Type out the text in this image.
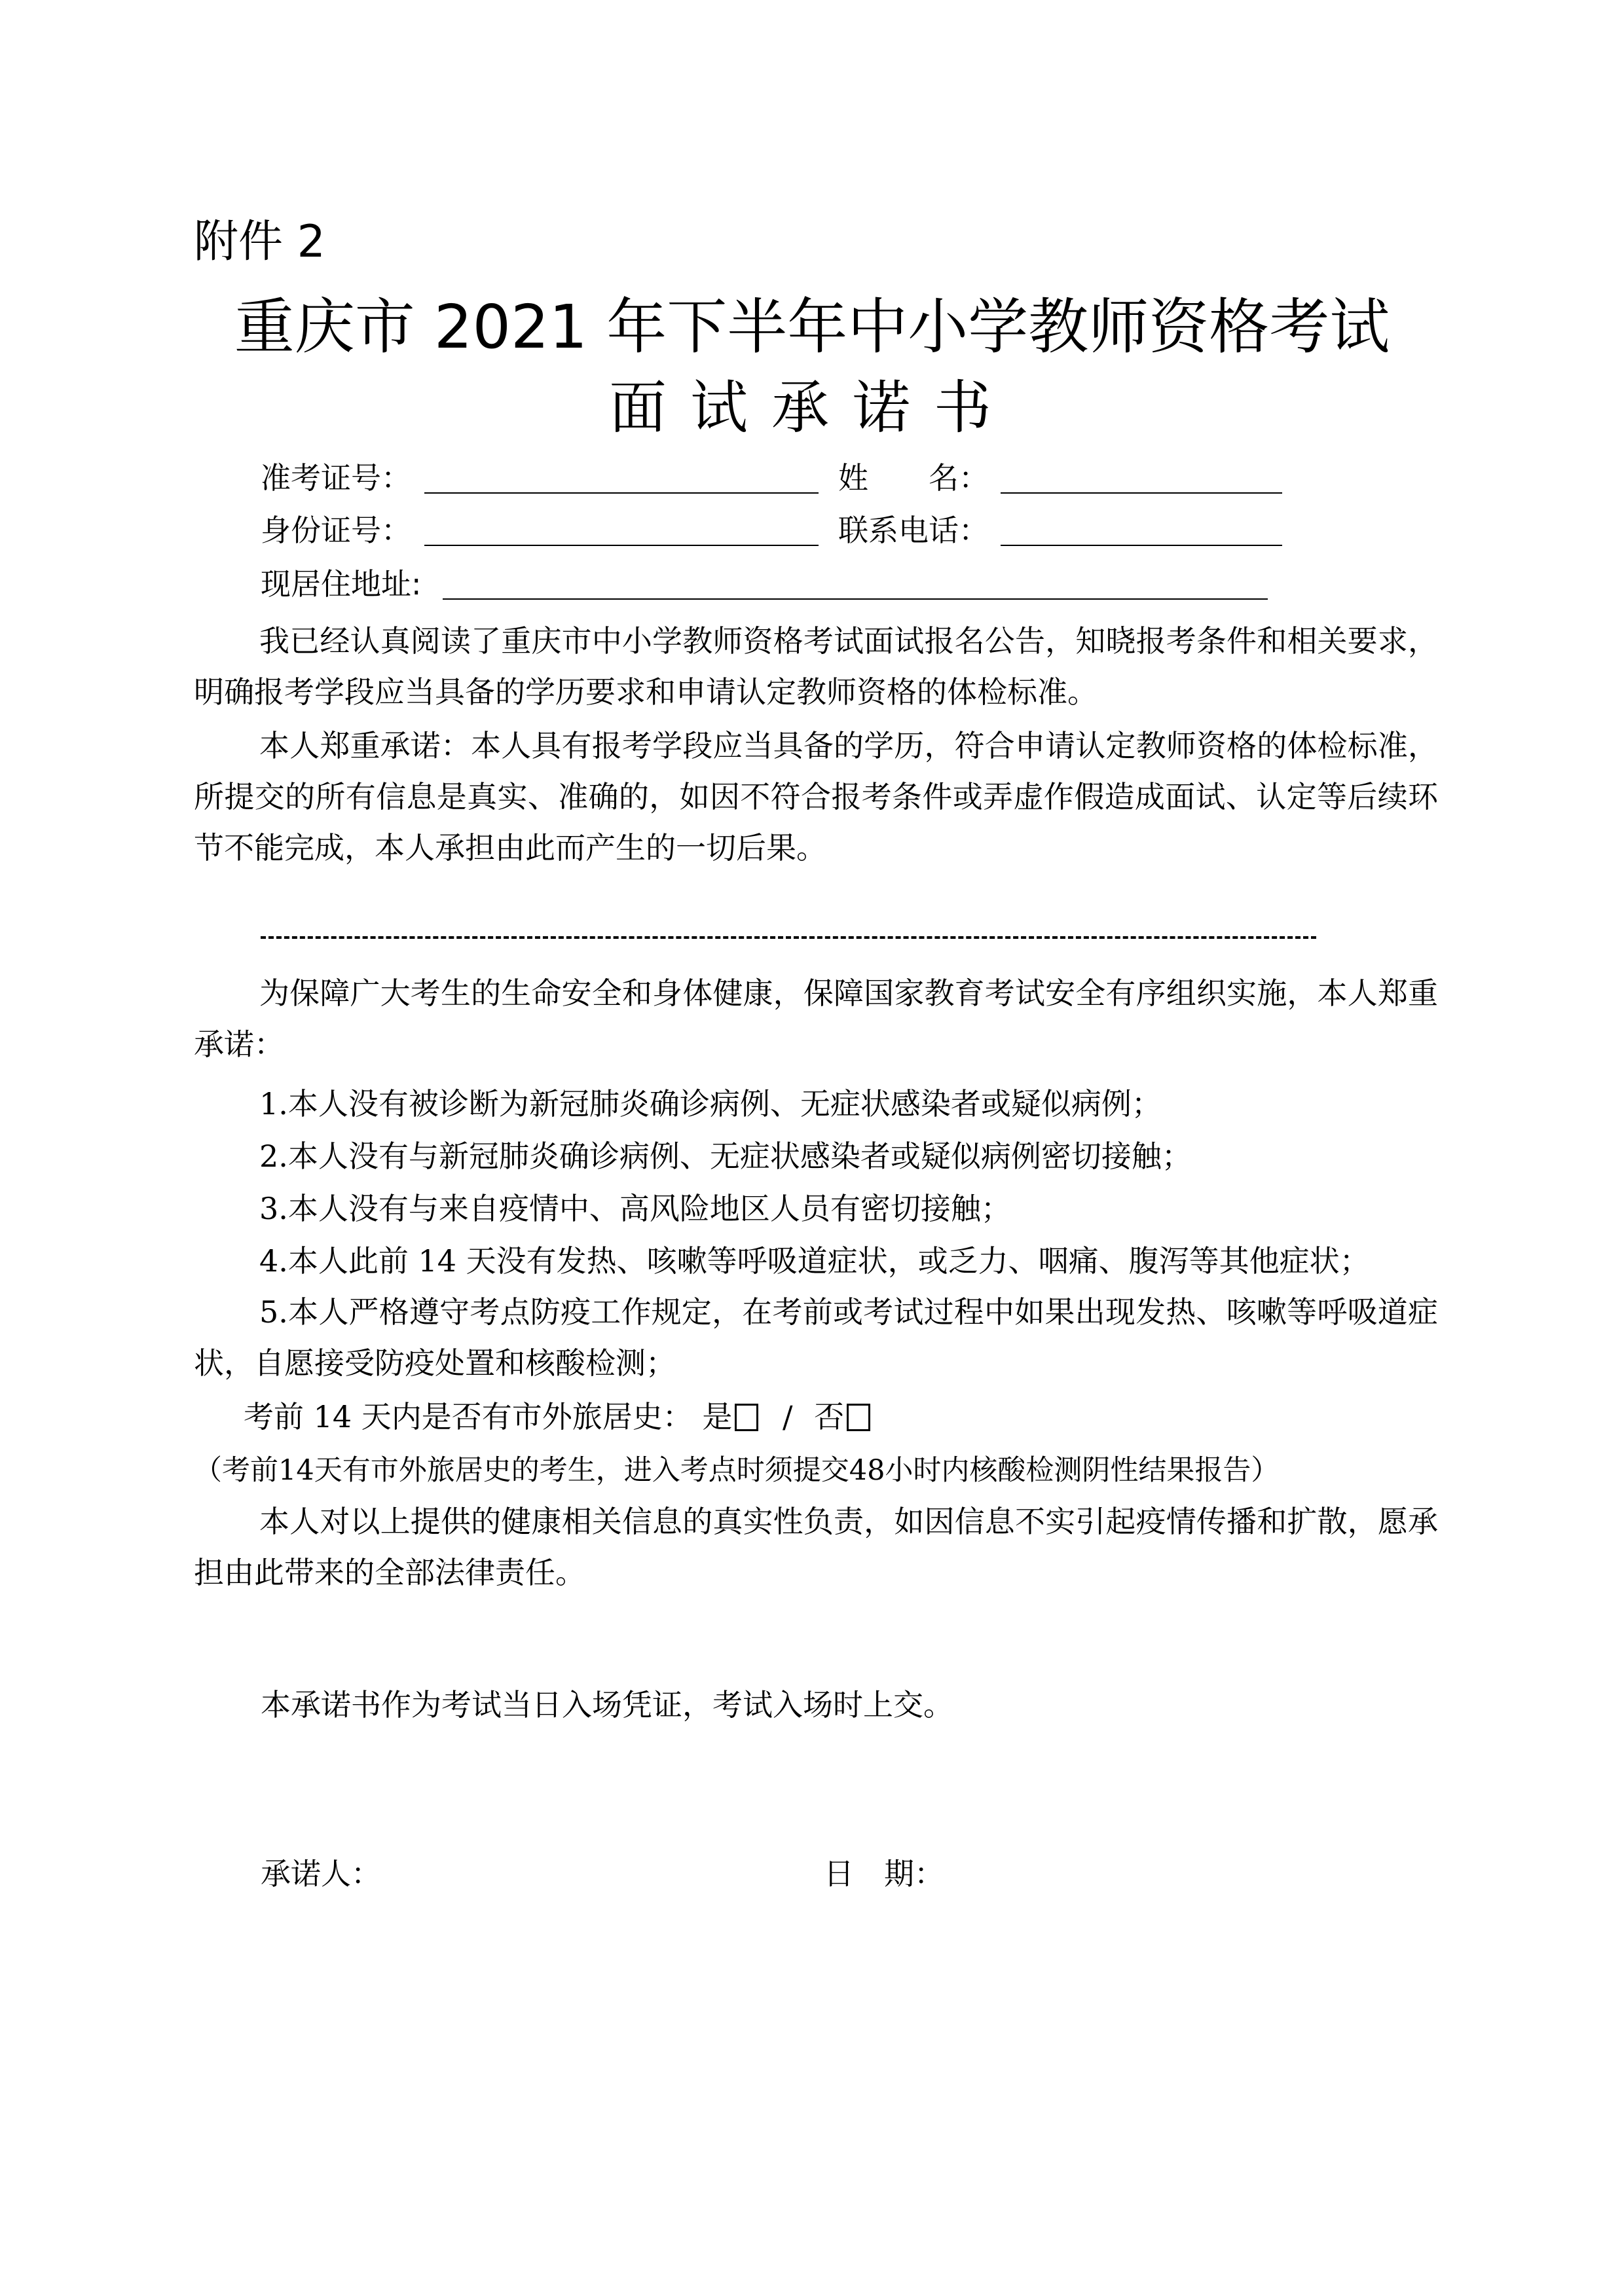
附件 2
重庆市 2021 年下半年中小学教师资格考试
面试承诺书
准考证号：	姓　　名：
身份证号：	联系电话：
现居住地址:
我已经认真阅读了重庆市中小学教师资格考试面试报名公告，知晓报考条件和相关要求，明确报考学段应当具备的学历要求和申请认定教师资格的体检标准。
本人郑重承诺：本人具有报考学段应当具备的学历，符合申请认定教师资格的体检标准，所提交的所有信息是真实、准确的，如因不符合报考条件或弄虚作假造成面试、认定等后续环节不能完成，本人承担由此而产生的一切后果。
为保障广大考生的生命安全和身体健康，保障国家教育考试安全有序组织实施，本人郑重承诺：
1.本人没有被诊断为新冠肺炎确诊病例、无症状感染者或疑似病例；
2.本人没有与新冠肺炎确诊病例、无症状感染者或疑似病例密切接触；
3.本人没有与来自疫情中、高风险地区人员有密切接触；
4.本人此前 14 天没有发热、咳嗽等呼吸道症状，或乏力、咽痛、腹泻等其他症状；
5.本人严格遵守考点防疫工作规定，在考前或考试过程中如果出现发热、咳嗽等呼吸道症状，自愿接受防疫处置和核酸检测；
考前 14 天内是否有市外旅居史： 是 / 否
（考前14天有市外旅居史的考生，进入考点时须提交48小时内核酸检测阴性结果报告）
本人对以上提供的健康相关信息的真实性负责，如因信息不实引起疫情传播和扩散，愿承担由此带来的全部法律责任。
本承诺书作为考试当日入场凭证，考试入场时上交。
承诺人：	日　期：
